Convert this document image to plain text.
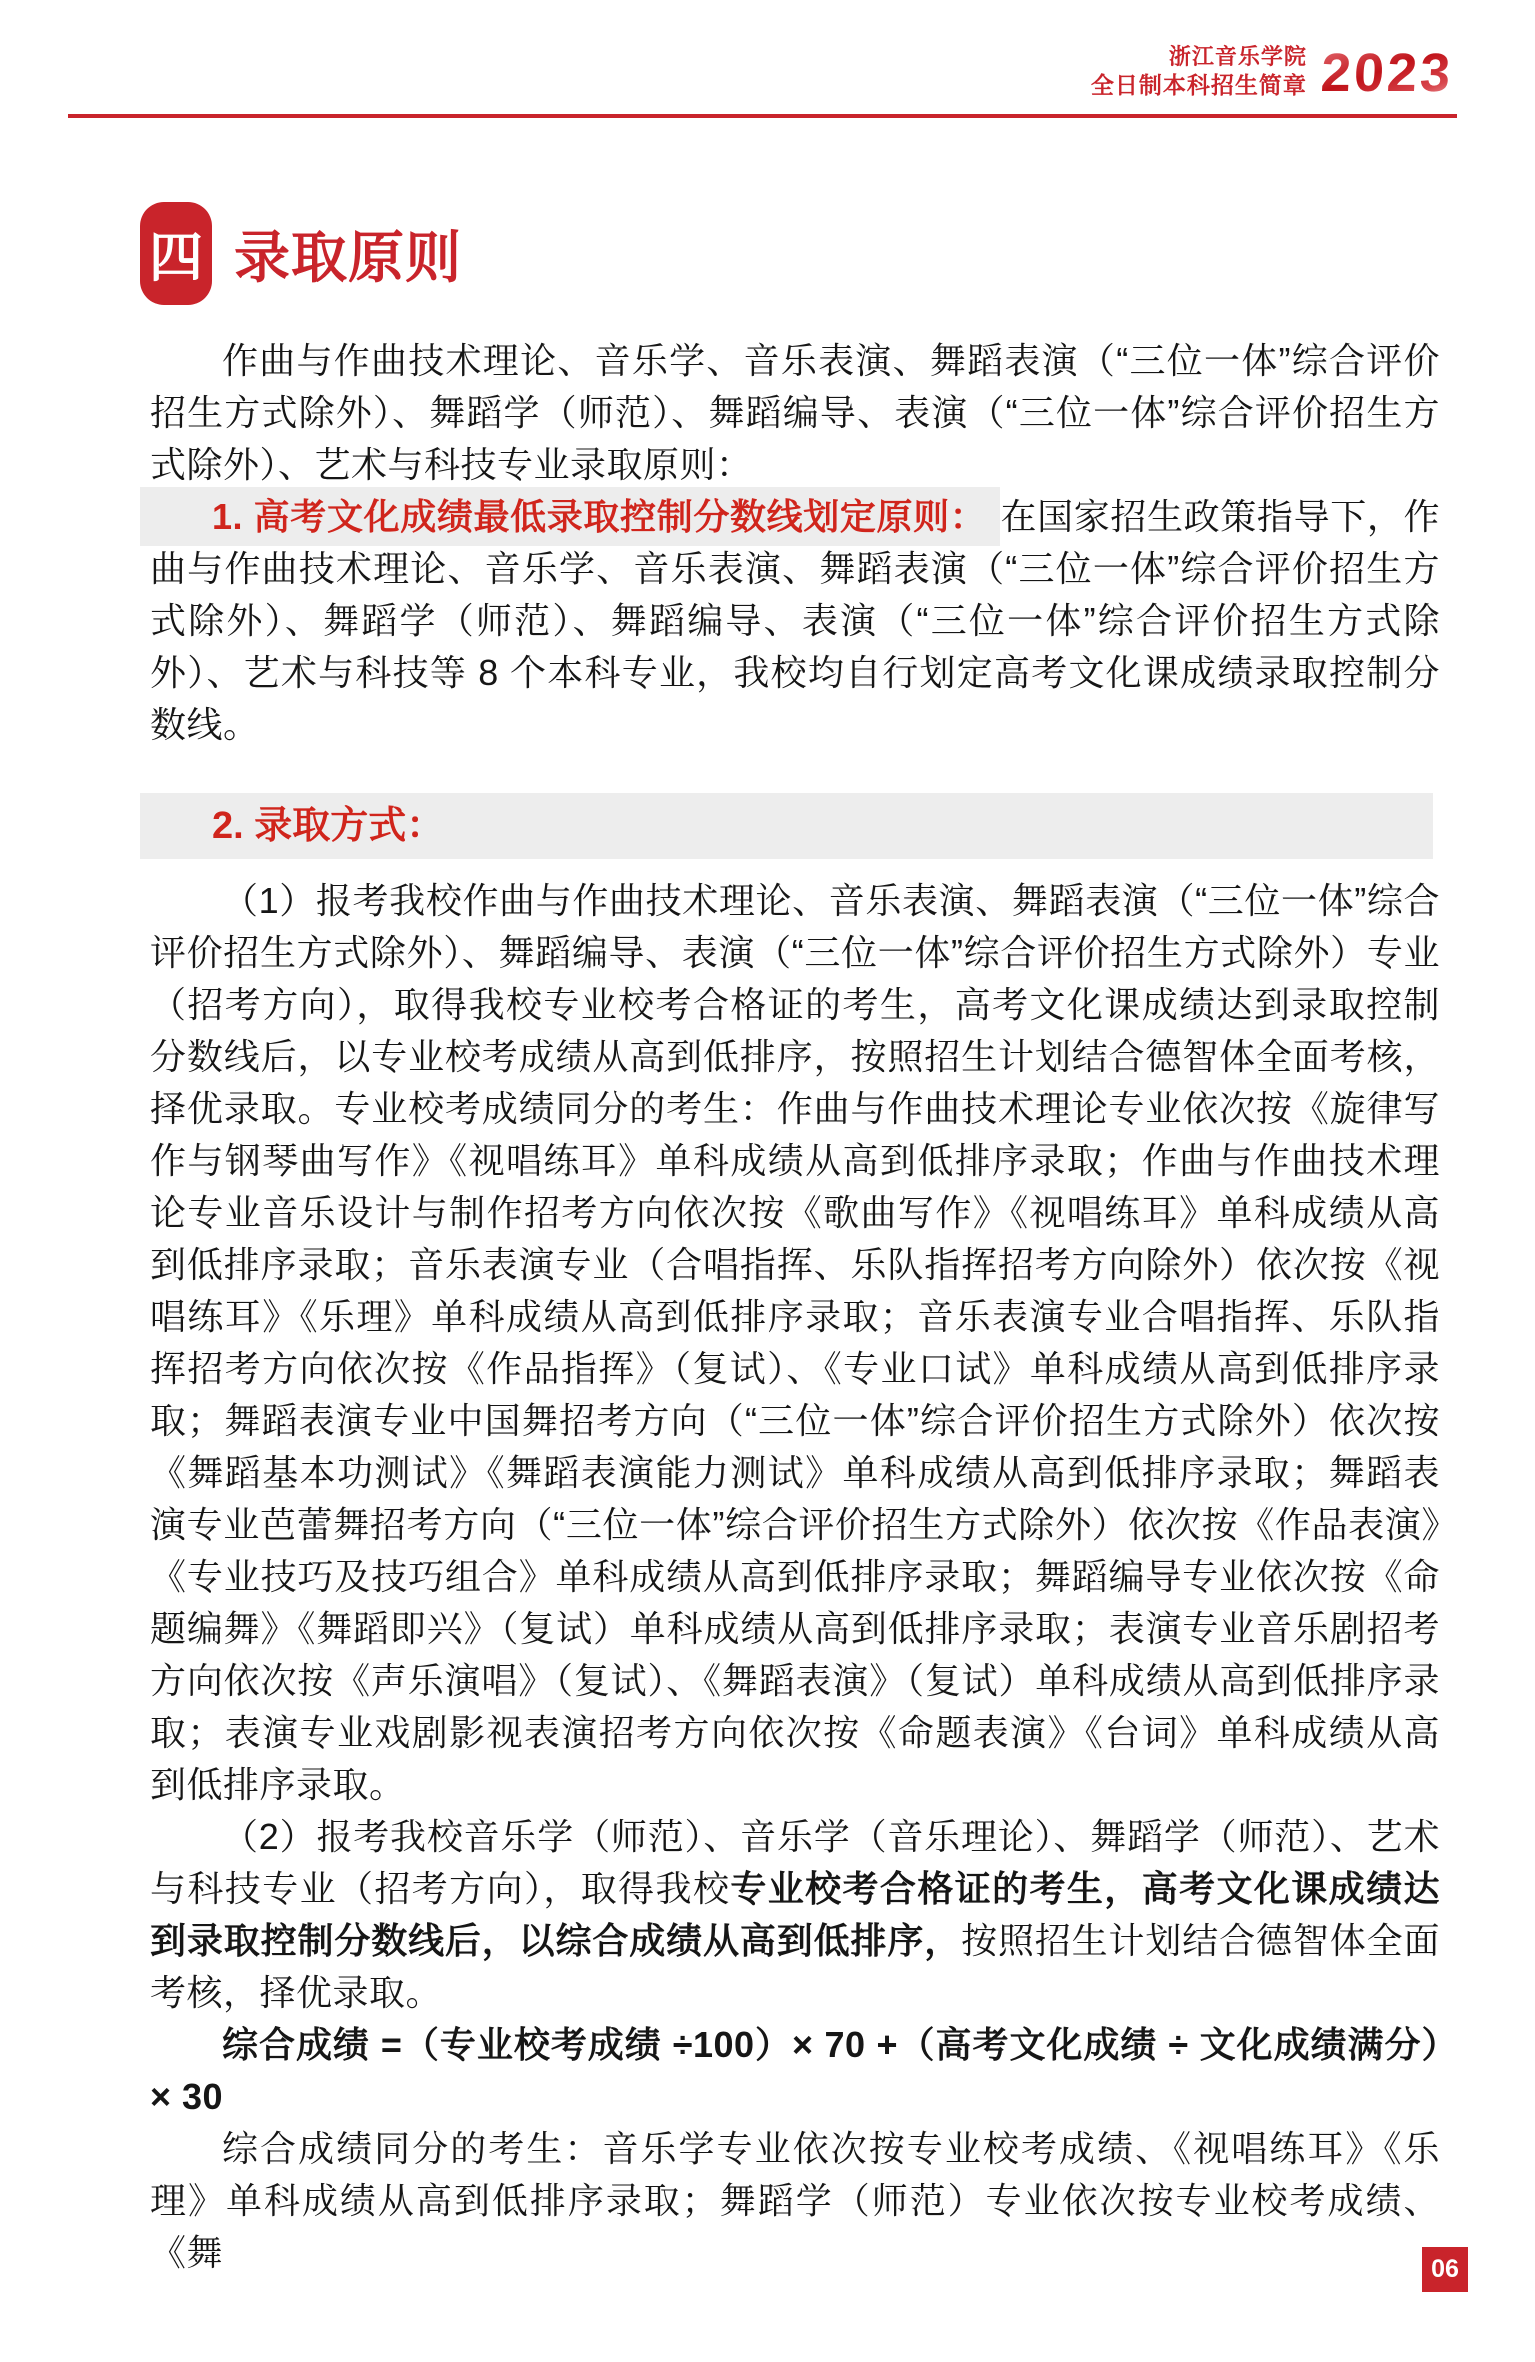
浙江音乐学院
全日制本科招生简章 2023
四 录取原则

作曲与作曲技术理论、音乐学、音乐表演、舞蹈表演（“三位一体”综合评价招生方式除外）、舞蹈学（师范）、舞蹈编导、表演（“三位一体”综合评价招生方式除外）、艺术与科技专业录取原则：

1. 高考文化成绩最低录取控制分数线划定原则： 在国家招生政策指导下，作曲与作曲技术理论、音乐学、音乐表演、舞蹈表演（“三位一体”综合评价招生方式除外）、舞蹈学（师范）、舞蹈编导、表演（“三位一体”综合评价招生方式除外）、艺术与科技等 8 个本科专业，我校均自行划定高考文化课成绩录取控制分数线。

2. 录取方式：

（1）报考我校作曲与作曲技术理论、音乐表演、舞蹈表演（“三位一体”综合评价招生方式除外）、舞蹈编导、表演（“三位一体”综合评价招生方式除外）专业（招考方向），取得我校专业校考合格证的考生，高考文化课成绩达到录取控制分数线后，以专业校考成绩从高到低排序，按照招生计划结合德智体全面考核，择优录取。专业校考成绩同分的考生：作曲与作曲技术理论专业依次按《旋律写作与钢琴曲写作》《视唱练耳》单科成绩从高到低排序录取；作曲与作曲技术理论专业音乐设计与制作招考方向依次按《歌曲写作》《视唱练耳》单科成绩从高到低排序录取；音乐表演专业（合唱指挥、乐队指挥招考方向除外）依次按《视唱练耳》《乐理》单科成绩从高到低排序录取；音乐表演专业合唱指挥、乐队指挥招考方向依次按《作品指挥》（复试）、《专业口试》单科成绩从高到低排序录取；舞蹈表演专业中国舞招考方向（“三位一体”综合评价招生方式除外）依次按《舞蹈基本功测试》《舞蹈表演能力测试》单科成绩从高到低排序录取；舞蹈表演专业芭蕾舞招考方向（“三位一体”综合评价招生方式除外）依次按《作品表演》《专业技巧及技巧组合》单科成绩从高到低排序录取；舞蹈编导专业依次按《命题编舞》《舞蹈即兴》（复试）单科成绩从高到低排序录取；表演专业音乐剧招考方向依次按《声乐演唱》（复试）、《舞蹈表演》（复试）单科成绩从高到低排序录取；表演专业戏剧影视表演招考方向依次按《命题表演》《台词》单科成绩从高到低排序录取。

（2）报考我校音乐学（师范）、音乐学（音乐理论）、舞蹈学（师范）、艺术与科技专业（招考方向），取得我校专业校考合格证的考生，高考文化课成绩达到录取控制分数线后，以综合成绩从高到低排序，按照招生计划结合德智体全面考核，择优录取。

综合成绩 =（专业校考成绩 ÷100）× 70 +（高考文化成绩 ÷ 文化成绩满分）× 30

综合成绩同分的考生：音乐学专业依次按专业校考成绩、《视唱练耳》《乐理》单科成绩从高到低排序录取；舞蹈学（师范）专业依次按专业校考成绩、《舞	06
